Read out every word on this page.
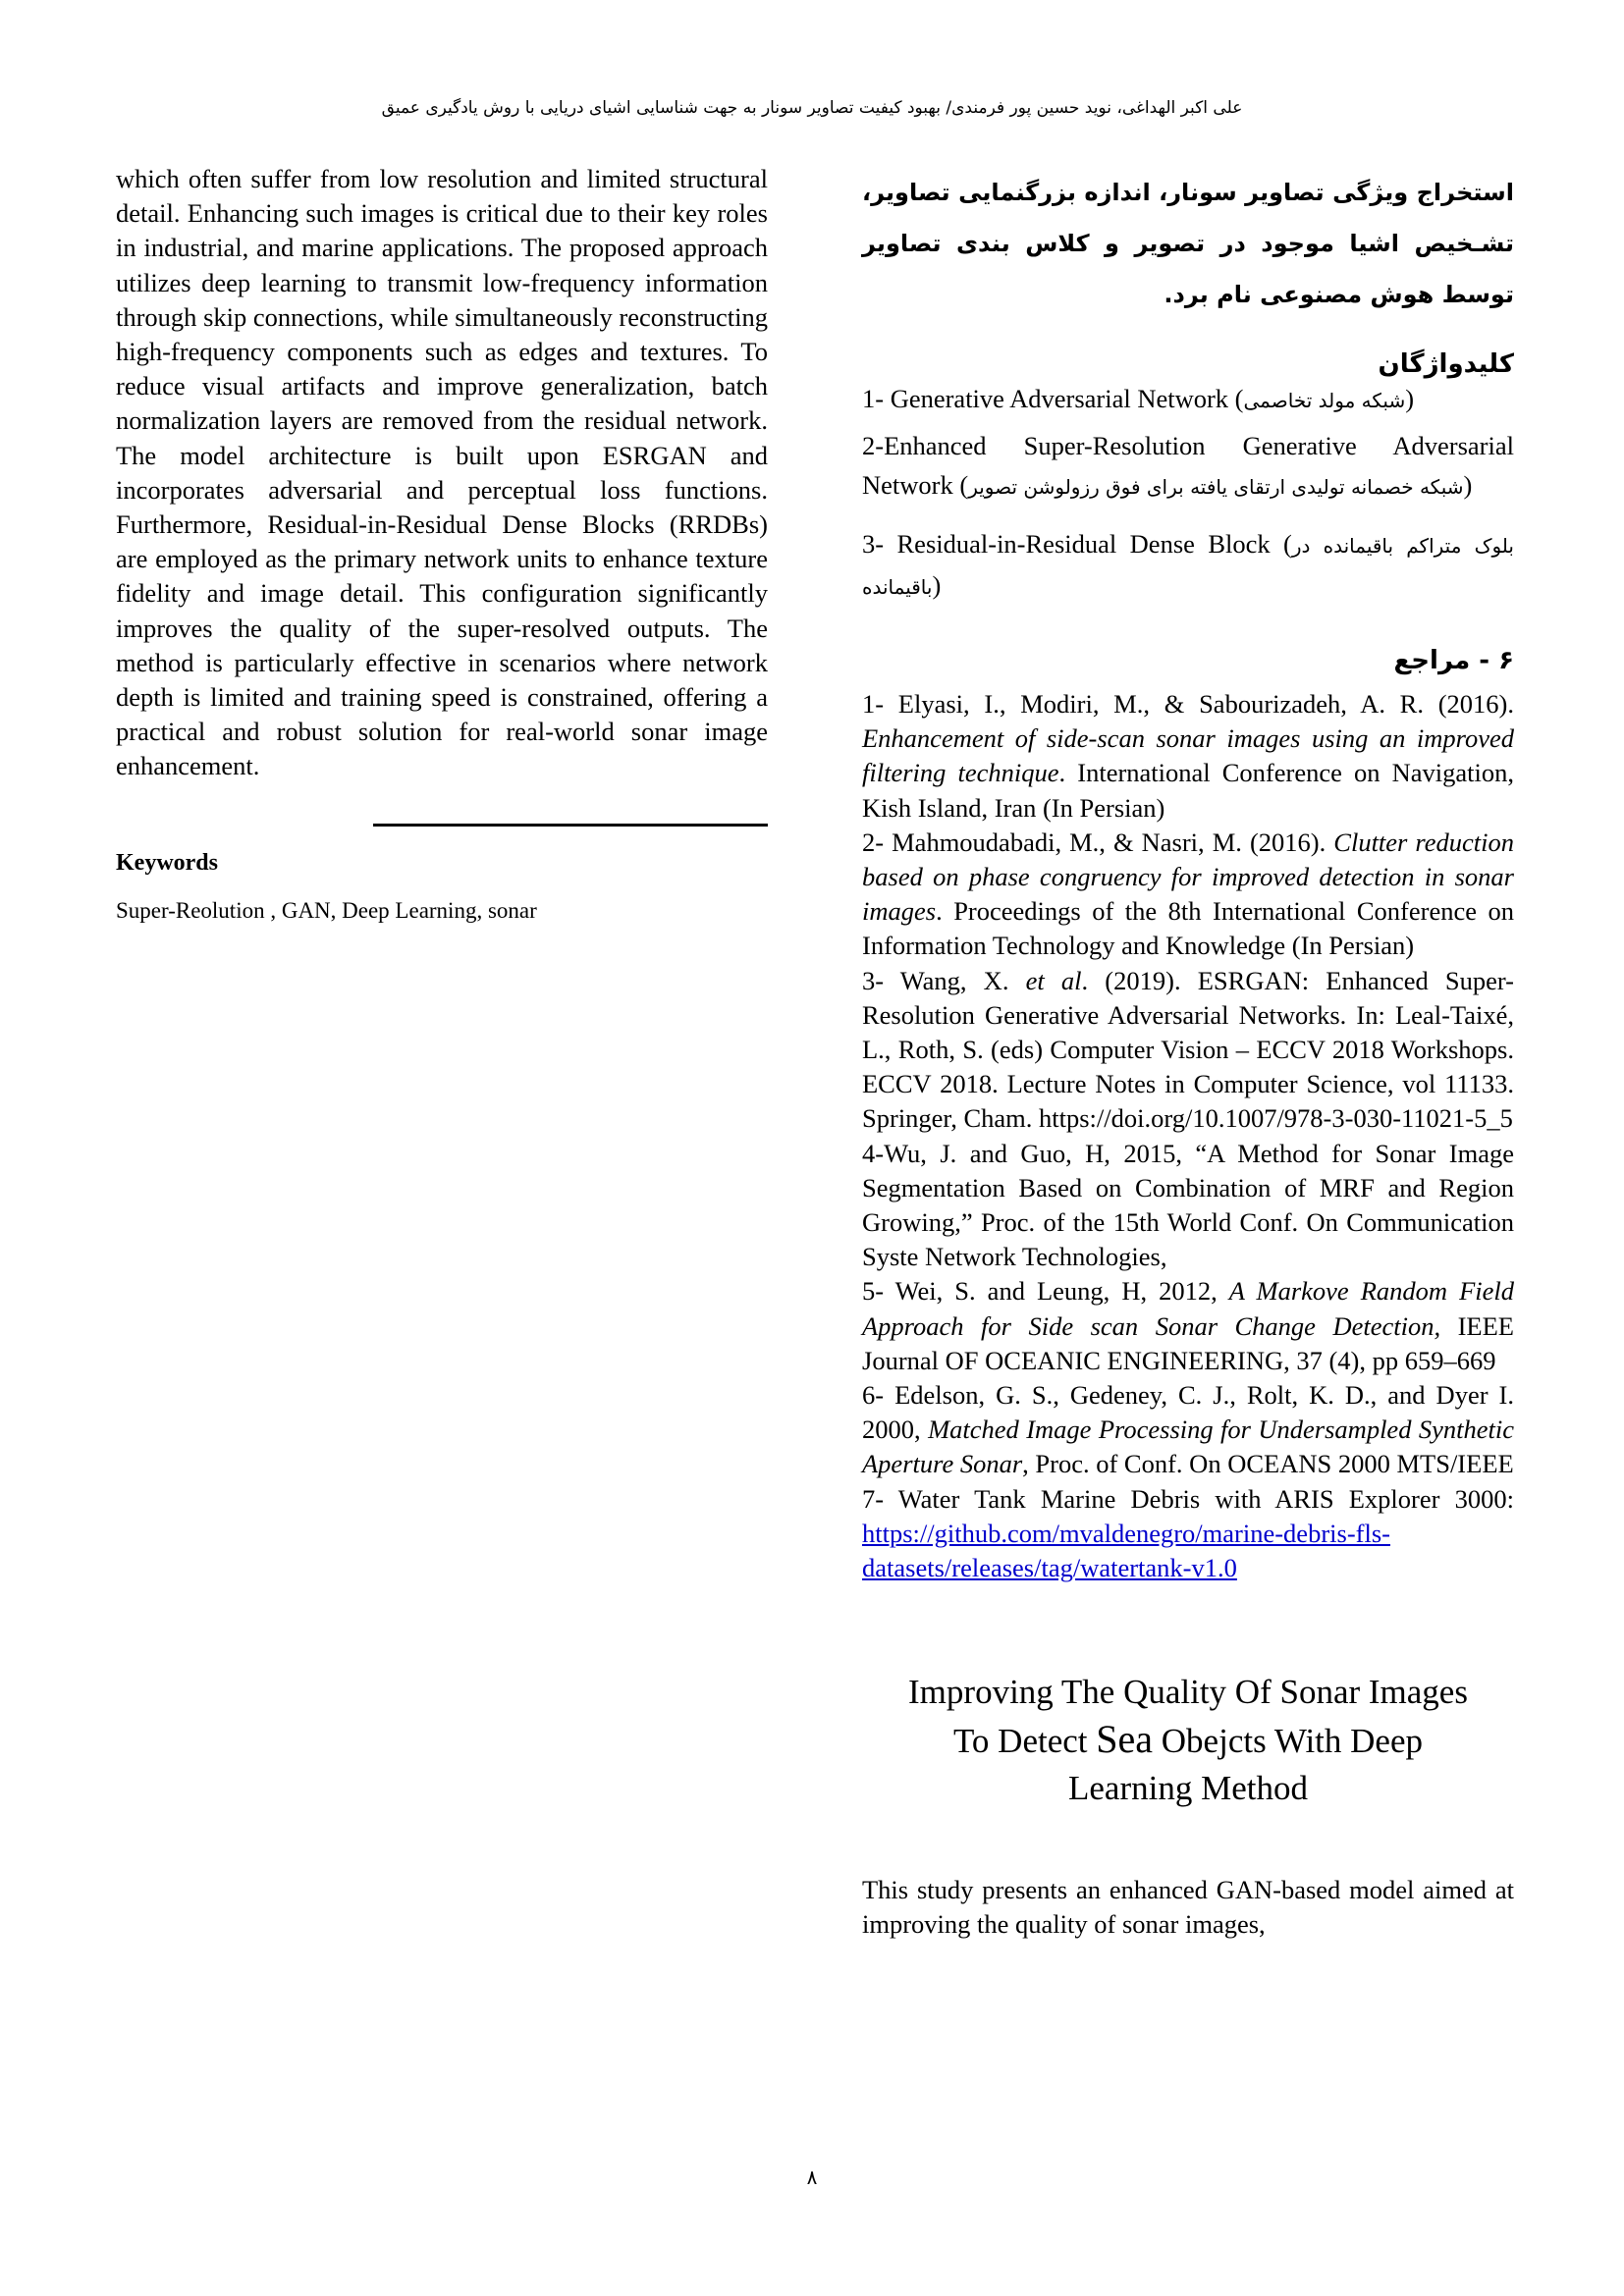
علی اکبر الهداغی، نوید حسین پور فرمندی/ بهبود کیفیت تصاویر سونار به جهت شناسایی اشیای دریایی با روش یادگیری عمیق
which often suffer from low resolution and limited structural detail. Enhancing such images is critical due to their key roles in industrial, and marine applications. The proposed approach utilizes deep learning to transmit low-frequency information through skip connections, while simultaneously reconstructing high-frequency components such as edges and textures. To reduce visual artifacts and improve generalization, batch normalization layers are removed from the residual network. The model architecture is built upon ESRGAN and incorporates adversarial and perceptual loss functions. Furthermore, Residual-in-Residual Dense Blocks (RRDBs) are employed as the primary network units to enhance texture fidelity and image detail. This configuration significantly improves the quality of the super-resolved outputs. The method is particularly effective in scenarios where network depth is limited and training speed is constrained, offering a practical and robust solution for real-world sonar image enhancement.
Keywords
Super-Reolution , GAN, Deep Learning, sonar
استخراج ویژگی تصاویر سونار، اندازه بزرگنمایی تصاویر، تشـخیص اشیا موجود در تصویر و کلاس بندی تصاویر توسط هوش مصنوعی نام برد.
کلیدواژگان
1- Generative Adversarial Network (شبکه مولد تخاصمی)
2-Enhanced Super-Resolution Generative Adversarial Network (شبکه خصمانه تولیدی ارتقای یافته برای فوق رزولوشن تصویر)
3- Residual-in-Residual Dense Block (بلوک متراکم باقیمانده در باقیمانده)
۶ - مراجع
1- Elyasi, I., Modiri, M., & Sabourizadeh, A. R. (2016). Enhancement of side-scan sonar images using an improved filtering technique. International Conference on Navigation, Kish Island, Iran (In Persian)
2- Mahmoudabadi, M., & Nasri, M. (2016). Clutter reduction based on phase congruency for improved detection in sonar images. Proceedings of the 8th International Conference on Information Technology and Knowledge (In Persian)
3- Wang, X. et al. (2019). ESRGAN: Enhanced Super-Resolution Generative Adversarial Networks. In: Leal-Taixé, L., Roth, S. (eds) Computer Vision – ECCV 2018 Workshops. ECCV 2018. Lecture Notes in Computer Science, vol 11133. Springer, Cham. https://doi.org/10.1007/978-3-030-11021-5_5
4-Wu, J. and Guo, H, 2015, “A Method for Sonar Image Segmentation Based on Combination of MRF and Region Growing,” Proc. of the 15th World Conf. On Communication Syste Network Technologies,
5- Wei, S. and Leung, H, 2012, A Markove Random Field Approach for Side scan Sonar Change Detection, IEEE Journal OF OCEANIC ENGINEERING, 37 (4), pp 659–669
6- Edelson, G. S., Gedeney, C. J., Rolt, K. D., and Dyer I. 2000, Matched Image Processing for Undersampled Synthetic Aperture Sonar, Proc. of Conf. On OCEANS 2000 MTS/IEEE
7- Water Tank Marine Debris with ARIS Explorer 3000: https://github.com/mvaldenegro/marine-debris-fls-datasets/releases/tag/watertank-v1.0
Improving The Quality Of Sonar Images
To Detect Sea Obejcts With Deep
Learning Method
This study presents an enhanced GAN-based model aimed at improving the quality of sonar images,
۸
